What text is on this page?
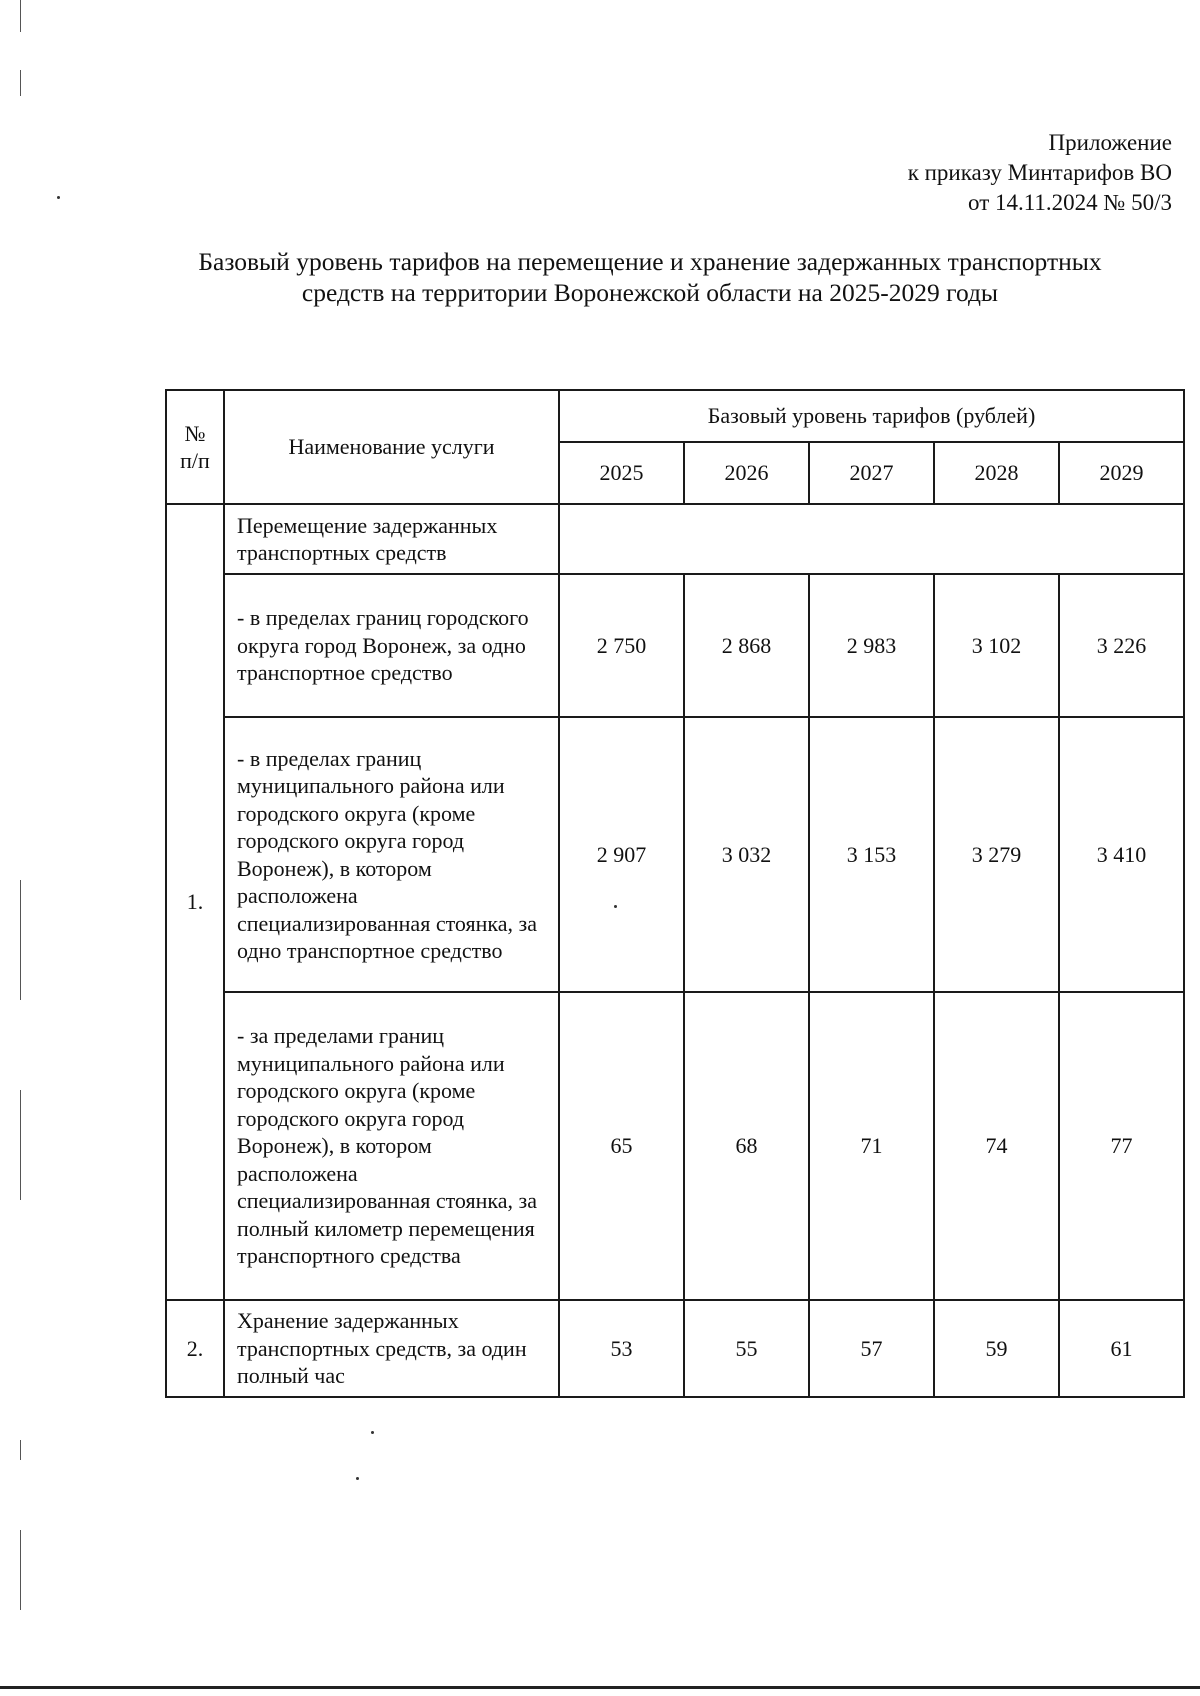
Приложение
к приказу Минтарифов ВО
от 14.11.2024 № 50/3
Базовый уровень тарифов на перемещение и хранение задержанных транспортных
средств на территории Воронежской области на 2025-2029 годы
№
п/п	Наименование услуги	Базовый уровень тарифов (рублей)				
		2025	2026	2027	2028	2029
1.	Перемещение задержанных транспортных средств					
	- в пределах границ городского округа город Воронеж, за одно транспортное средство	2 750	2 868	2 983	3 102	3 226
	- в пределах границ муниципального района или городского округа (кроме городского округа город Воронеж), в котором расположена специализированная стоянка, за одно транспортное средство	2 907	3 032	3 153	3 279	3 410
	- за пределами границ муниципального района или городского округа (кроме городского округа город Воронеж), в котором расположена специализированная стоянка, за полный километр перемещения транспортного средства	65	68	71	74	77
2.	Хранение задержанных транспортных средств, за один полный час	53	55	57	59	61
